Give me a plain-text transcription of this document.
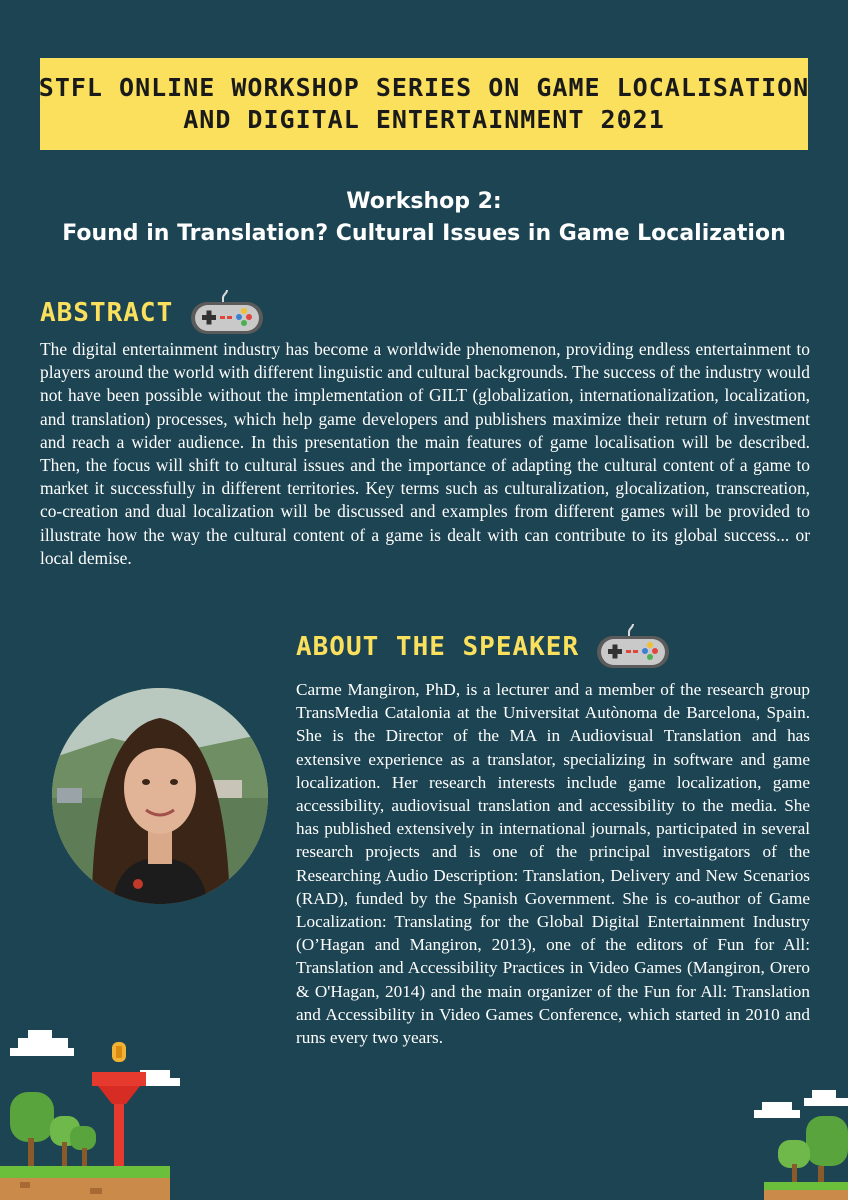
STFL ONLINE WORKSHOP SERIES ON GAME LOCALISATION
AND DIGITAL ENTERTAINMENT 2021
Workshop 2:
Found in Translation? Cultural Issues in Game Localization
ABSTRACT

The digital entertainment industry has become a worldwide phenomenon, providing endless entertainment to players around the world with different linguistic and cultural backgrounds. The success of the industry would not have been possible without the implementation of GILT (globalization, internationalization, localization, and translation) processes, which help game developers and publishers maximize their return of investment and reach a wider audience. In this presentation the main features of game localisation will be described. Then, the focus will shift to cultural issues and the importance of adapting the cultural content of a game to market it successfully in different territories. Key terms such as culturalization, glocalization, transcreation, co-creation and dual localization will be discussed and examples from different games will be provided to illustrate how the way the cultural content of a game is dealt with can contribute to its global success... or local demise.

ABOUT THE SPEAKER

Carme Mangiron, PhD, is a lecturer and a member of the research group TransMedia Catalonia at the Universitat Autònoma de Barcelona, Spain. She is the Director of the MA in Audiovisual Translation and has extensive experience as a translator, specializing in software and game localization. Her research interests include game localization, game accessibility, audiovisual translation and accessibility to the media. She has published extensively in international journals, participated in several research projects and is one of the principal investigators of the Researching Audio Description: Translation, Delivery and New Scenarios (RAD), funded by the Spanish Government. She is co-author of Game Localization: Translating for the Global Digital Entertainment Industry (O’Hagan and Mangiron, 2013), one of the editors of Fun for All: Translation and Accessibility Practices in Video Games (Mangiron, Orero & O'Hagan, 2014) and the main organizer of the Fun for All: Translation and Accessibility in Video Games Conference, which started in 2010 and runs every two years.
